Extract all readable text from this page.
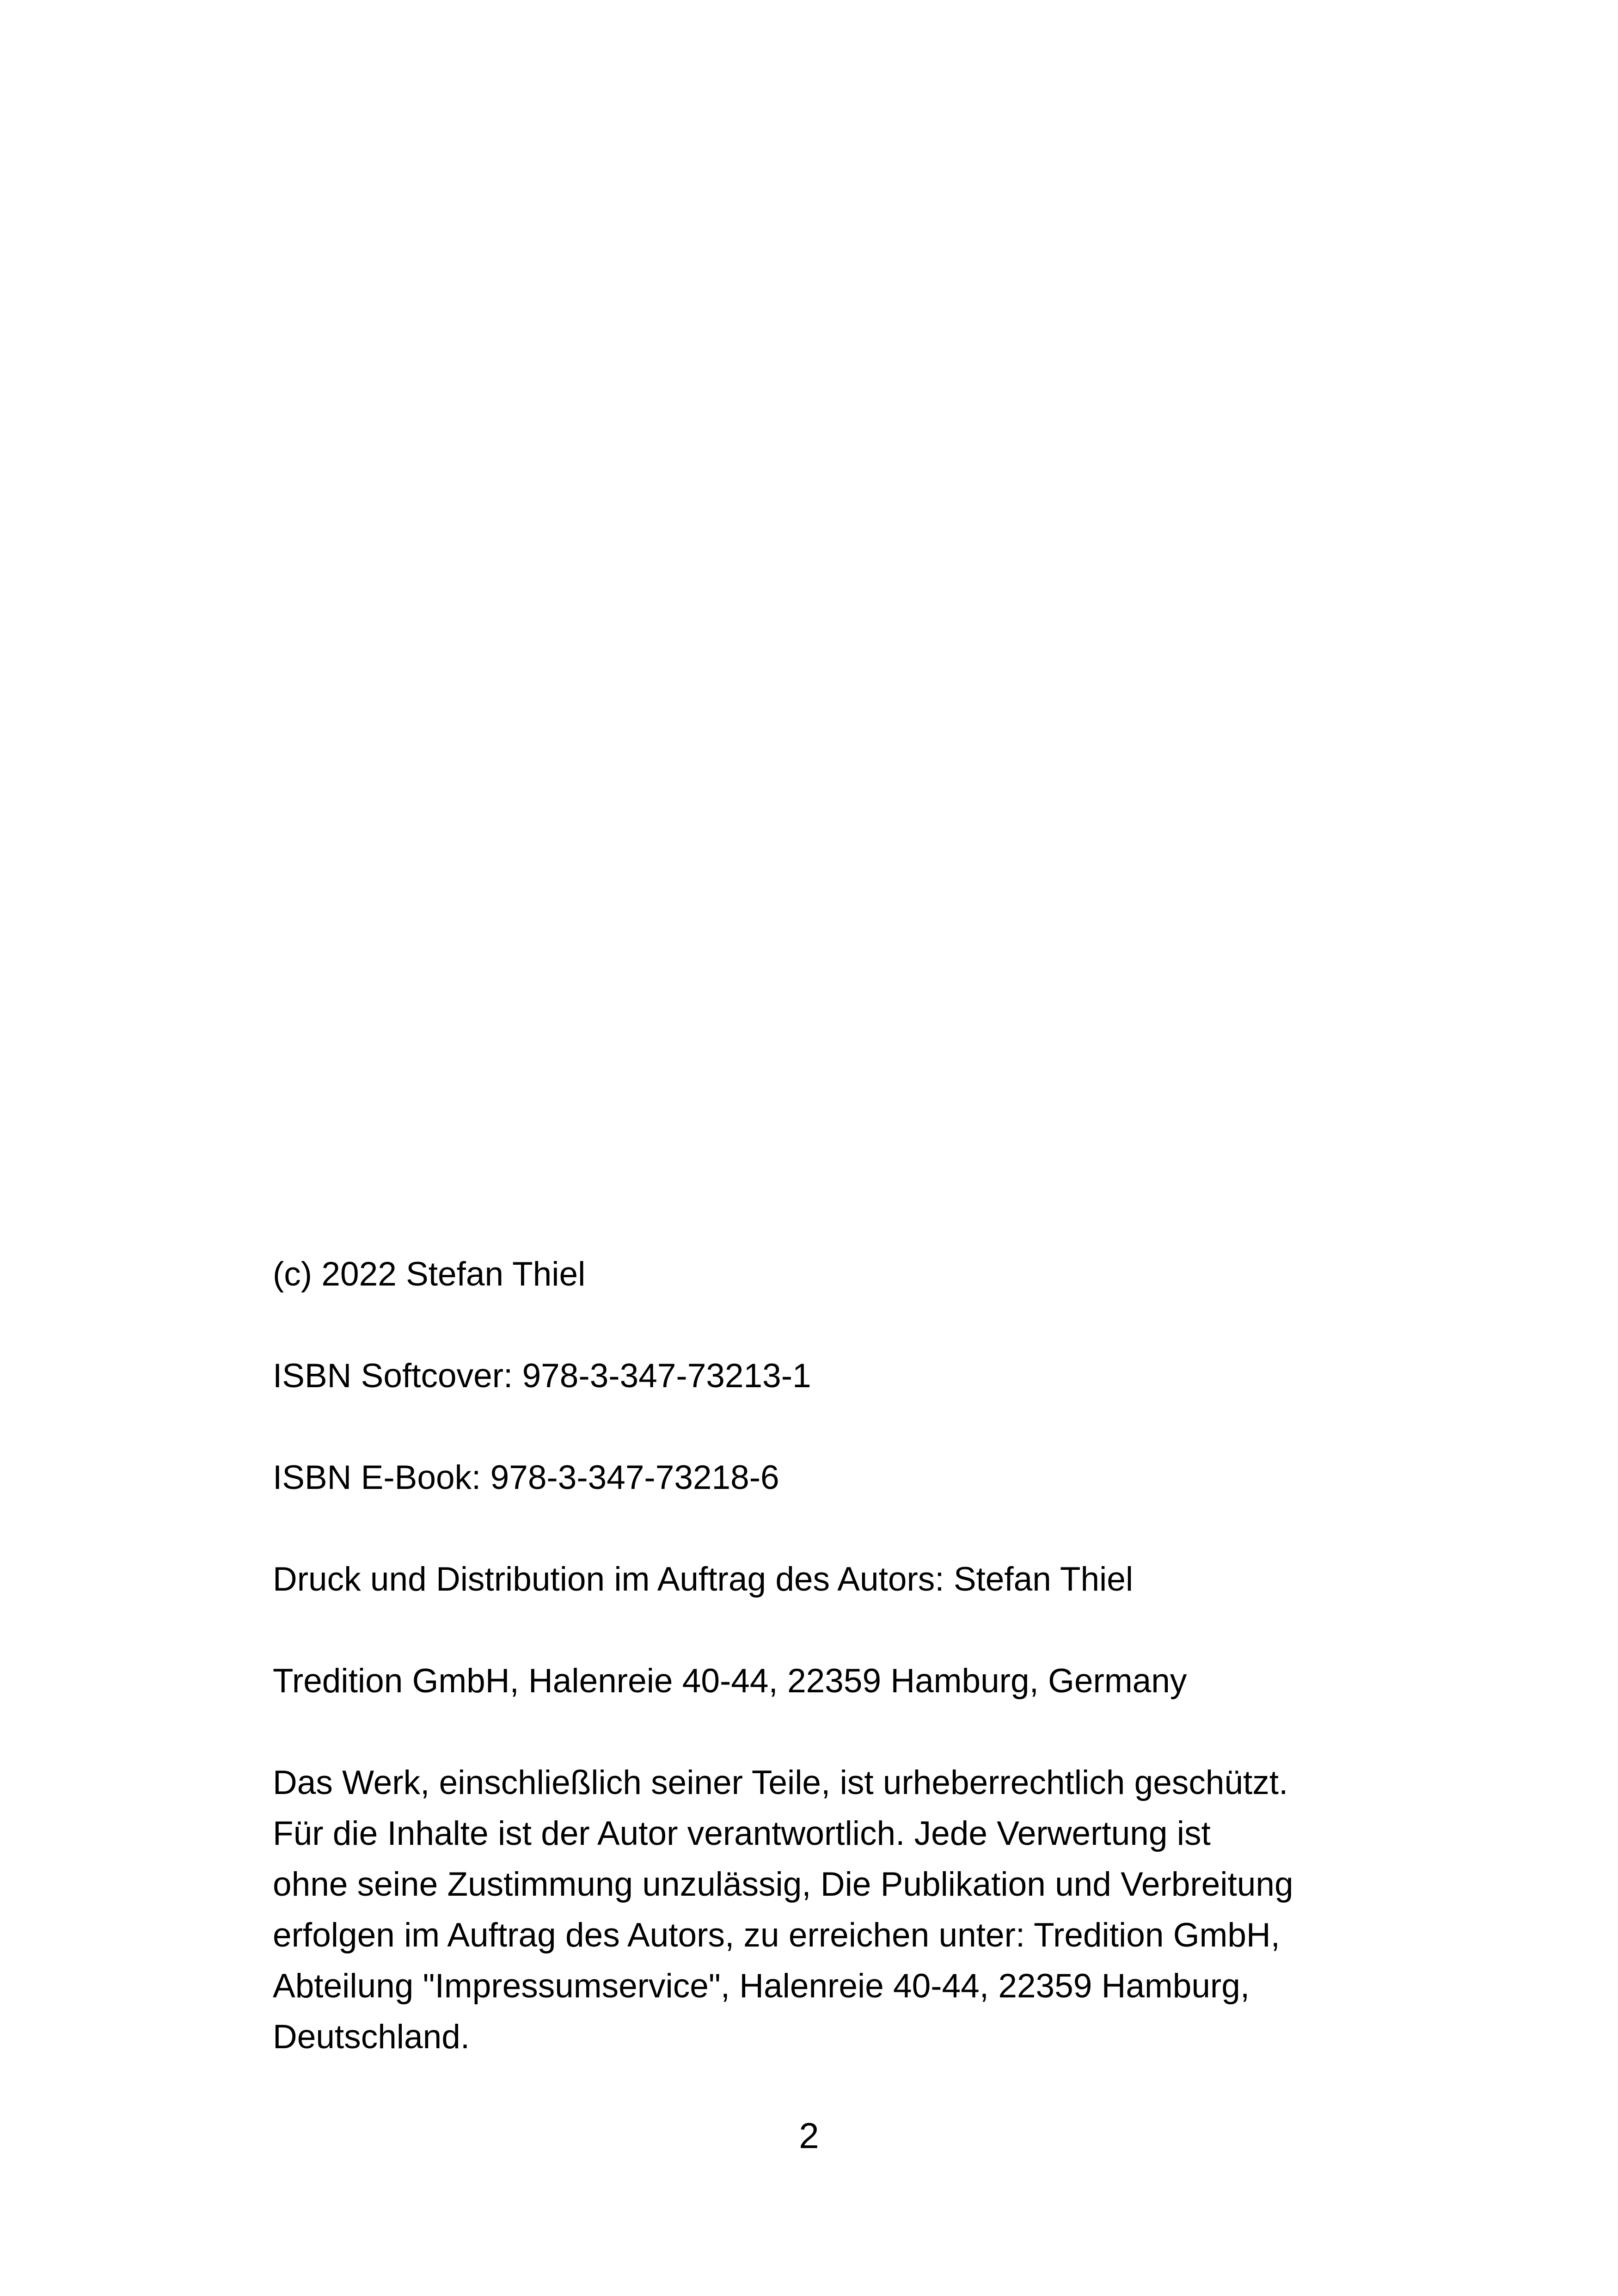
(c) 2022 Stefan Thiel

ISBN Softcover: 978-3-347-73213-1

ISBN E-Book: 978-3-347-73218-6

Druck und Distribution im Auftrag des Autors: Stefan Thiel

Tredition GmbH, Halenreie 40-44, 22359 Hamburg, Germany

Das Werk, einschließlich seiner Teile, ist urheberrechtlich geschützt.
Für die Inhalte ist der Autor verantwortlich. Jede Verwertung ist
ohne seine Zustimmung unzulässig, Die Publikation und Verbreitung
erfolgen im Auftrag des Autors, zu erreichen unter: Tredition GmbH,
Abteilung "Impressumservice", Halenreie 40-44, 22359 Hamburg,
Deutschland.

2
